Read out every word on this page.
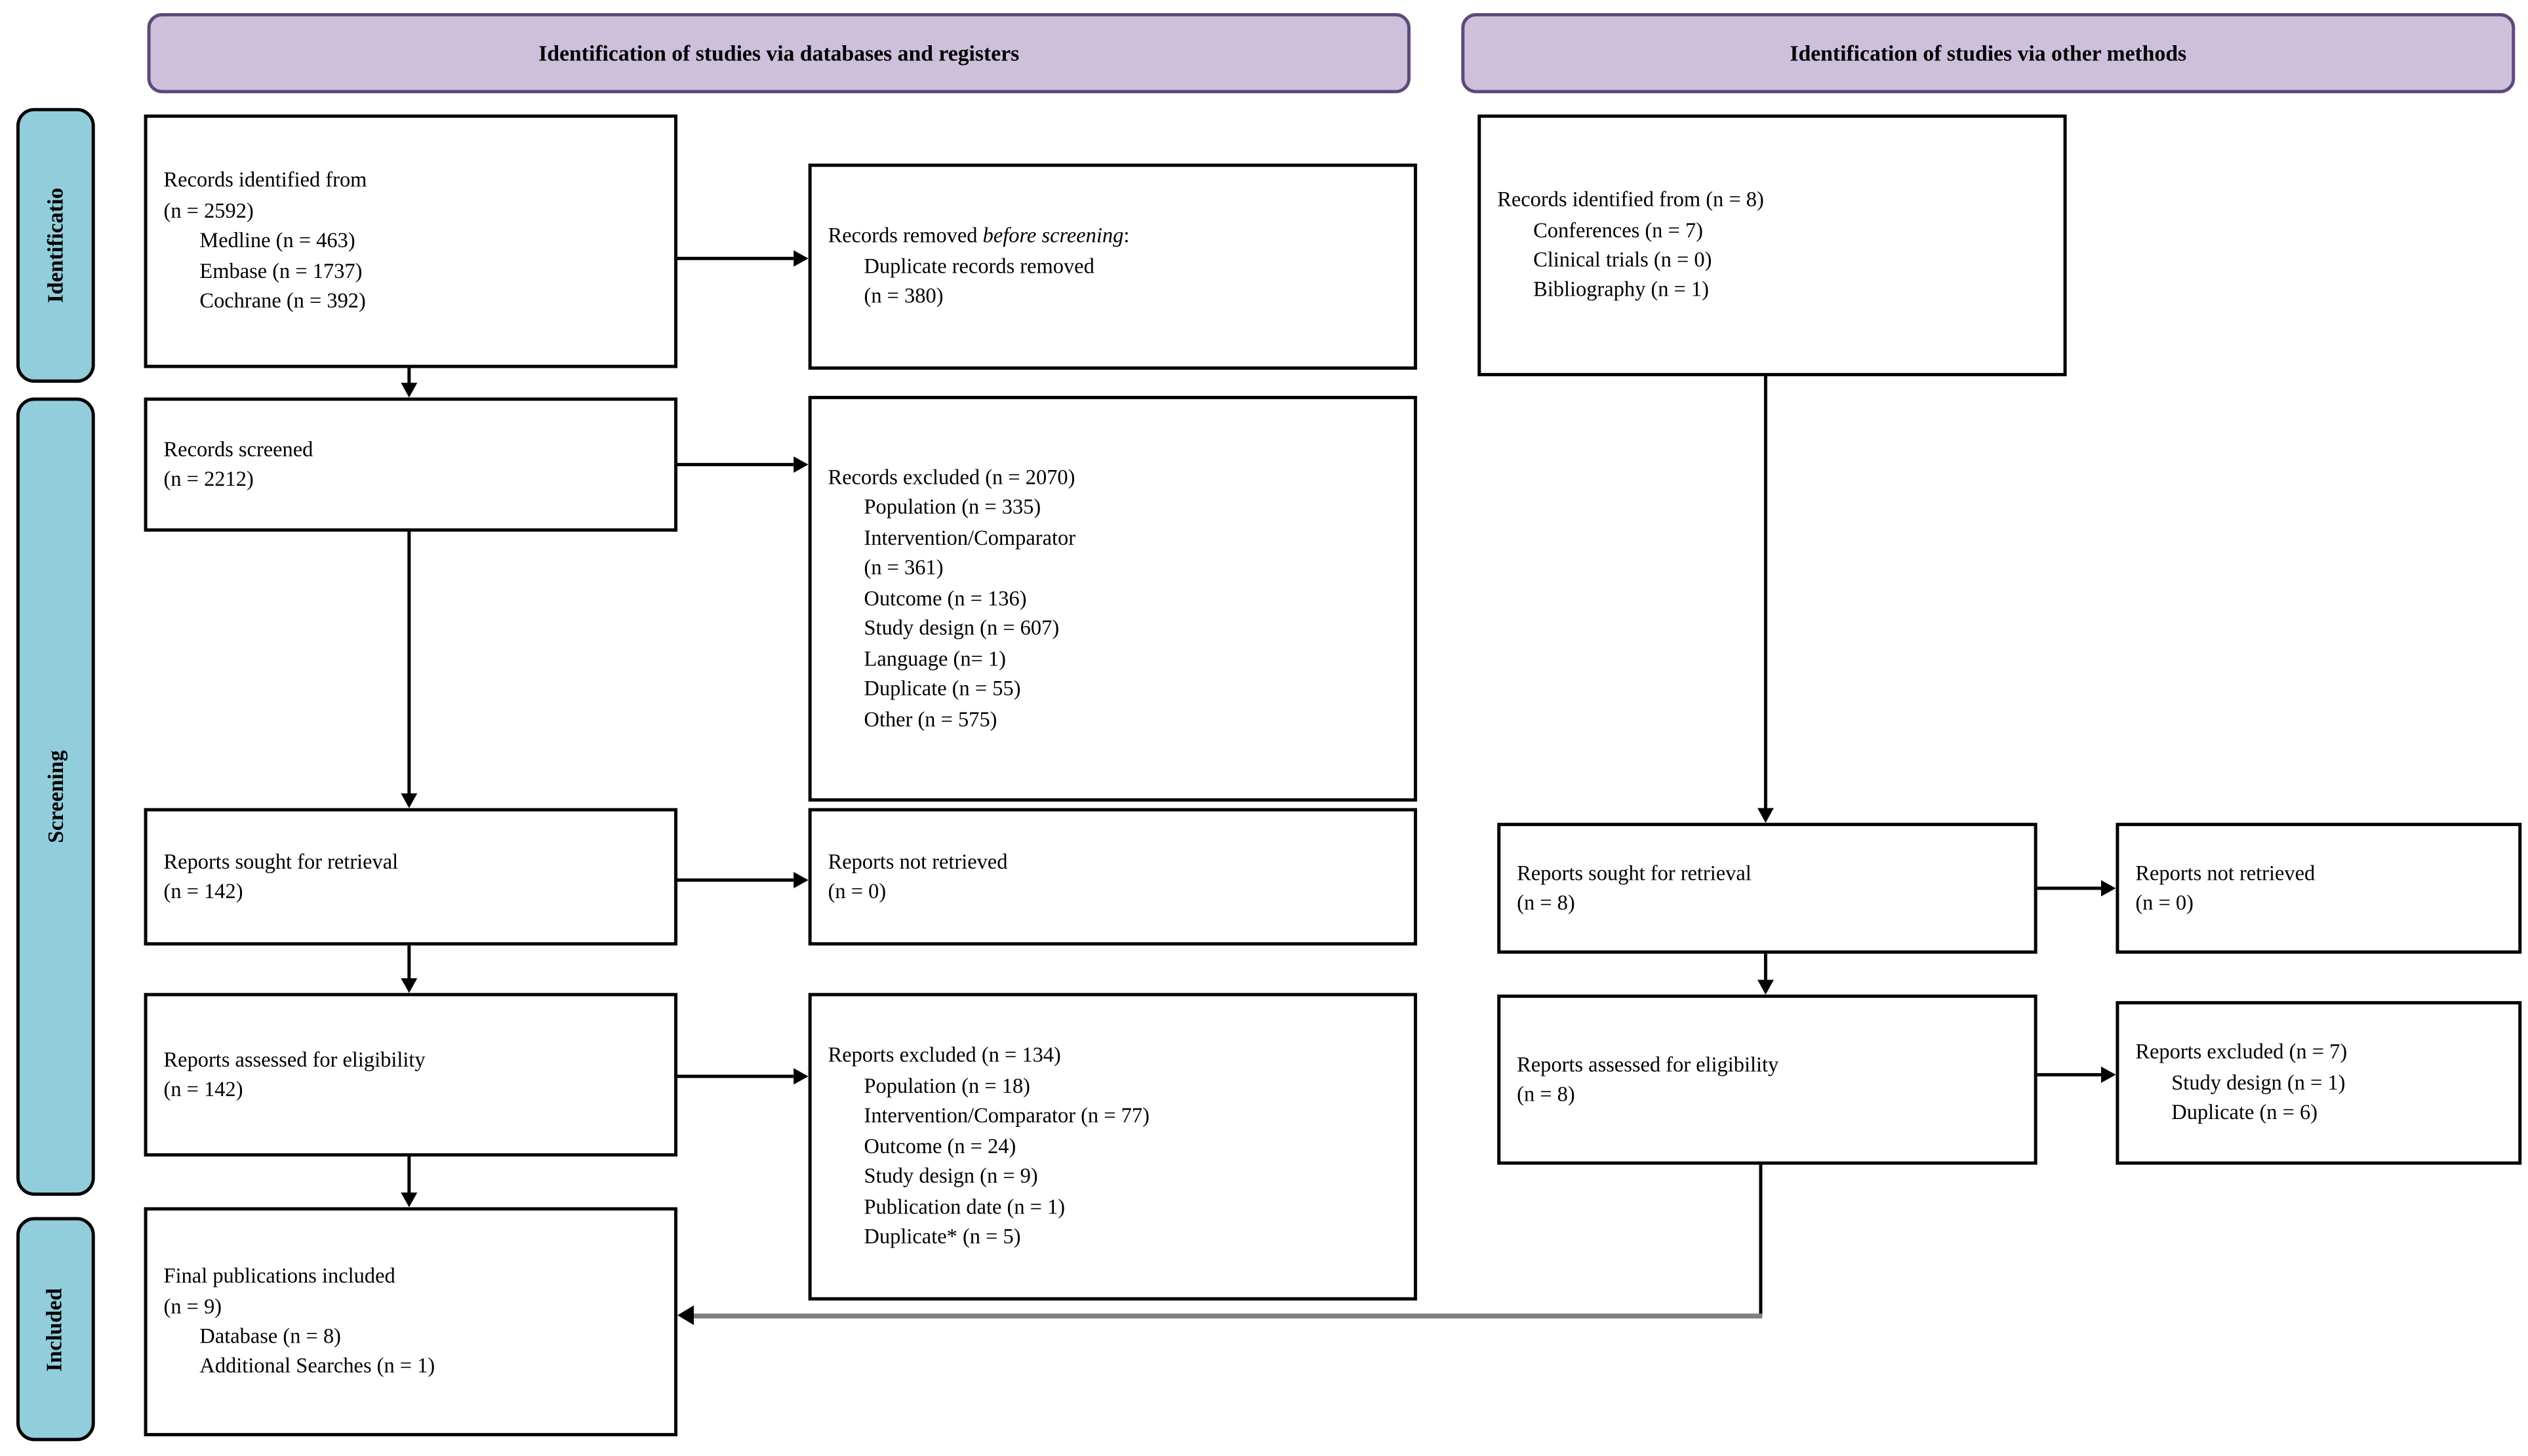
Identification of studies via databases and registers	Identification of studies via other methods
Identificatio
Screening
Included
Records identified from
(n = 2592)
Medline (n = 463)
Embase (n = 1737)
Cochrane (n = 392)
Records screened
(n = 2212)
Reports sought for retrieval
(n = 142)
Reports assessed for eligibility
(n = 142)
Final publications included
(n = 9)
Database (n = 8)
Additional Searches (n = 1)
Records removed before screening:
Duplicate records removed
(n = 380)
Records excluded (n = 2070)
Population (n = 335)
Intervention/Comparator
(n = 361)
Outcome (n = 136)
Study design (n = 607)
Language (n= 1)
Duplicate (n = 55)
Other (n = 575)
Reports not retrieved
(n = 0)
Reports excluded (n = 134)
Population (n = 18)
Intervention/Comparator (n = 77)
Outcome (n = 24)
Study design (n = 9)
Publication date (n = 1)
Duplicate* (n = 5)
Records identified from (n = 8)
Conferences (n = 7)
Clinical trials (n = 0)
Bibliography (n = 1)
Reports sought for retrieval
(n = 8)
Reports not retrieved
(n = 0)
Reports assessed for eligibility
(n = 8)
Reports excluded (n = 7)
Study design (n = 1)
Duplicate (n = 6)
